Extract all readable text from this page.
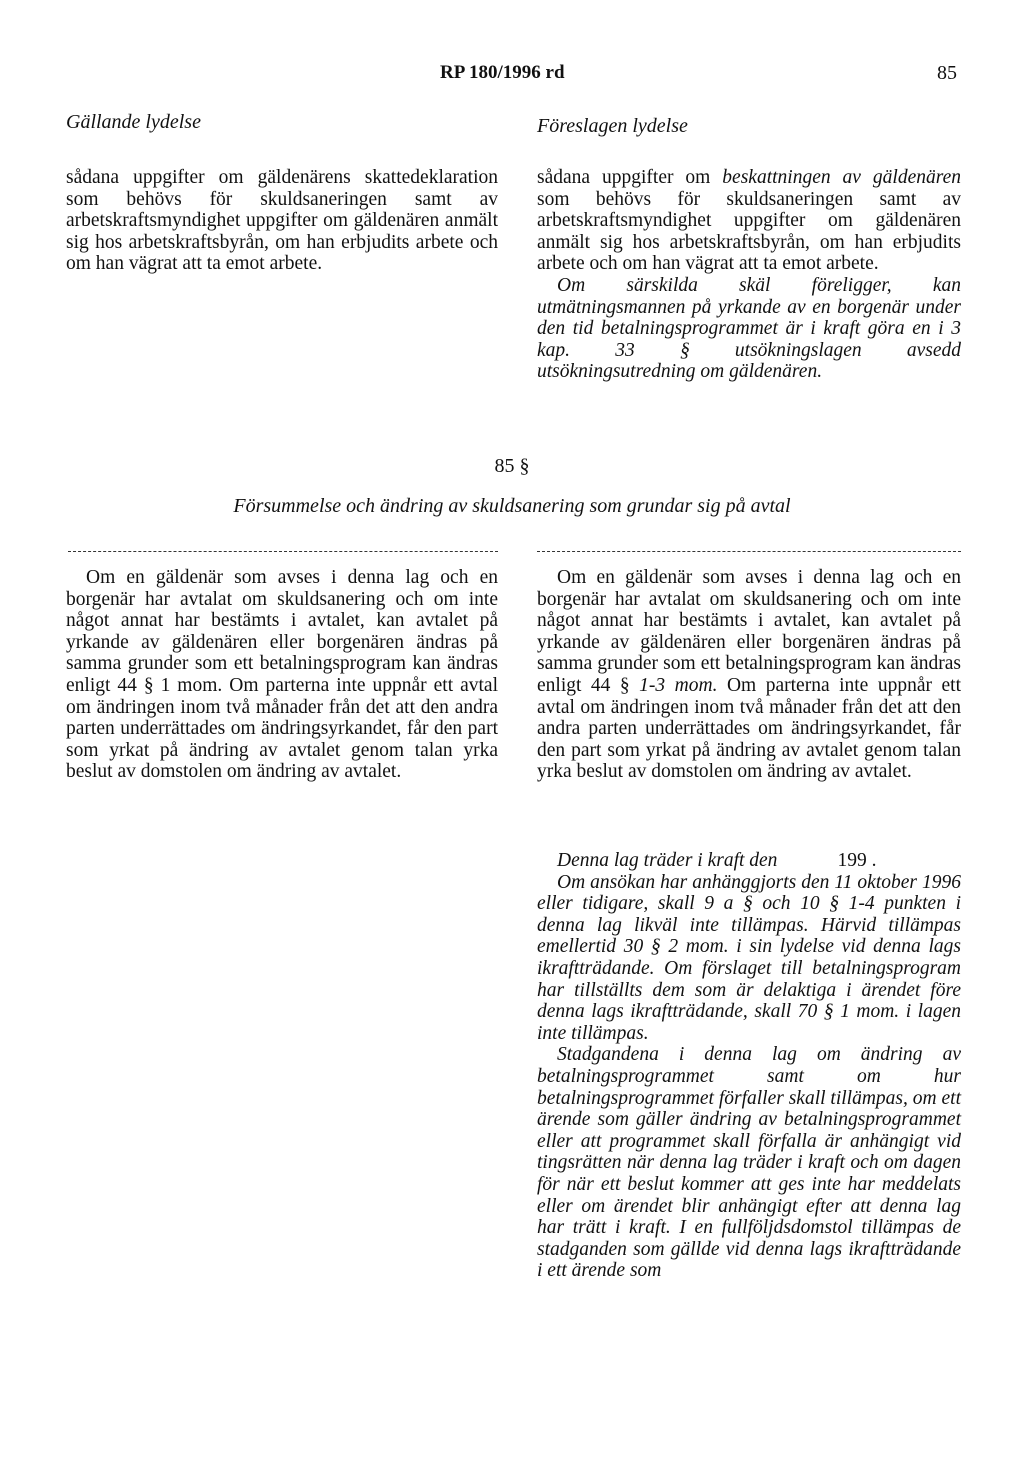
RP 180/1996 rd	85
Gällande lydelse	Föreslagen lydelse

sådana uppgifter om gäldenärens skattedeklaration som behövs för skuldsaneringen samt av arbetskraftsmyndighet uppgifter om gäldenären anmält sig hos arbetskraftsbyrån, om han erbjudits arbete och om han vägrat att ta emot arbete.

sådana uppgifter om beskattningen av gäldenären som behövs för skuldsaneringen samt av arbetskraftsmyndighet uppgifter om gäldenären anmält sig hos arbetskraftsbyrån, om han erbjudits arbete och om han vägrat att ta emot arbete.

Om särskilda skäl föreligger, kan utmätningsmannen på yrkande av en borgenär under den tid betalningsprogrammet är i kraft göra en i 3 kap. 33 § utsökningslagen avsedd utsökningsutredning om gäldenären.

85 §
Försummelse och ändring av skuldsanering som grundar sig på avtal

Om en gäldenär som avses i denna lag och en borgenär har avtalat om skuldsanering och om inte något annat har bestämts i avtalet, kan avtalet på yrkande av gäldenären eller borgenären ändras på samma grunder som ett betalningsprogram kan ändras enligt 44 § 1 mom. Om parterna inte uppnår ett avtal om ändringen inom två månader från det att den andra parten underrättades om ändringsyrkandet, får den part som yrkat på ändring av avtalet genom talan yrka beslut av domstolen om ändring av avtalet.

Om en gäldenär som avses i denna lag och en borgenär har avtalat om skuldsanering och om inte något annat har bestämts i avtalet, kan avtalet på yrkande av gäldenären eller borgenären ändras på samma grunder som ett betalningsprogram kan ändras enligt 44 § 1-3 mom. Om parterna inte uppnår ett avtal om ändringen inom två månader från det att den andra parten underrättades om ändringsyrkandet, får den part som yrkat på ändring av avtalet genom talan yrka beslut av domstolen om ändring av avtalet.

Denna lag träder i kraft den	199 .

Om ansökan har anhänggjorts den 11 oktober 1996 eller tidigare, skall 9 a § och 10 § 1-4 punkten i denna lag likväl inte tillämpas. Härvid tillämpas emellertid 30 § 2 mom. i sin lydelse vid denna lags ikraftträdande. Om förslaget till betalningsprogram har tillställts dem som är delaktiga i ärendet före denna lags ikraftträdande, skall 70 § 1 mom. i lagen inte tillämpas.

Stadgandena i denna lag om ändring av betalningsprogrammet samt om hur betalningsprogrammet förfaller skall tillämpas, om ett ärende som gäller ändring av betalningsprogrammet eller att programmet skall förfalla är anhängigt vid tingsrätten när denna lag träder i kraft och om dagen för när ett beslut kommer att ges inte har meddelats eller om ärendet blir anhängigt efter att denna lag har trätt i kraft. I en fullföljdsdomstol tillämpas de stadganden som gällde vid denna lags ikraftträdande i ett ärende som
